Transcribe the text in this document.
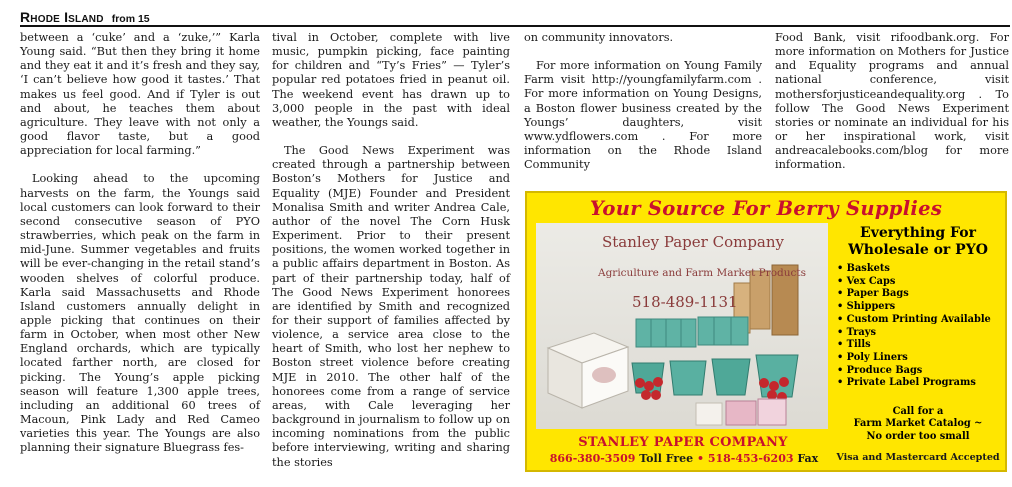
Rhode Island from 15

between a ‘cuke’ and a ‘zuke,’” Karla Young said. “But then they bring it home and they eat it and it’s fresh and they say, ‘I can’t believe how good it tastes.’ That makes us feel good. And if Tyler is out and about, he teaches them about agriculture. They leave with not only a good flavor taste, but a good appreciation for local farming.”

Looking ahead to the upcoming harvests on the farm, the Youngs said local customers can look forward to their second consecutive season of PYO strawberries, which peak on the farm in mid-June. Summer vegetables and fruits will be ever-changing in the retail stand’s wooden shelves of colorful produce. Karla said Massachusetts and Rhode Island customers annually delight in apple picking that continues on their farm in October, when most other New England orchards, which are typically located farther north, are closed for picking. The Young’s apple picking season will feature 1,300 apple trees, including an additional 60 trees of Macoun, Pink Lady and Red Cameo varieties this year. The Youngs are also planning their signature Bluegrass fes-

tival in October, complete with live music, pumpkin picking, face painting for children and “Ty’s Fries” — Tyler’s popular red potatoes fried in peanut oil. The weekend event has drawn up to 3,000 people in the past with ideal weather, the Youngs said.

The Good News Experiment was created through a partnership between Boston’s Mothers for Justice and Equality (MJE) Founder and President Monalisa Smith and writer Andrea Cale, author of the novel The Corn Husk Experiment. Prior to their present positions, the women worked together in a public affairs department in Boston. As part of their partnership today, half of The Good News Experiment honorees are identified by Smith and recognized for their support of families affected by violence, a service area close to the heart of Smith, who lost her nephew to Boston street violence before creating MJE in 2010. The other half of the honorees come from a range of service areas, with Cale leveraging her background in journalism to follow up on incoming nominations from the public before interviewing, writing and sharing the stories

on community innovators.

For more information on Young Family Farm visit http://youngfamilyfarm.com . For more information on Young Designs, a Boston flower business created by the Youngs’ daughters, visit www.ydflowers.com . For more information on the Rhode Island Community

Food Bank, visit rifoodbank.org. For more information on Mothers for Justice and Equality programs and annual national conference, visit mothersforjusticeandequality.org . To follow The Good News Experiment stories or nominate an individual for his or her inspirational work, visit andreacalebooks.com/blog for more information.

Your Source For Berry Supplies
Stanley Paper Company
Agriculture and Farm Market Products
518-489-1131
Everything For
Wholesale or PYO
• Baskets
• Vex Caps
• Paper Bags
• Shippers
• Custom Printing Available
• Trays
• Tills
• Poly Liners
• Produce Bags
• Private Label Programs
Call for a
Farm Market Catalog ~
No order too small
STANLEY PAPER COMPANY
866-380-3509 Toll Free • 518-453-6203 Fax	Visa and Mastercard Accepted
